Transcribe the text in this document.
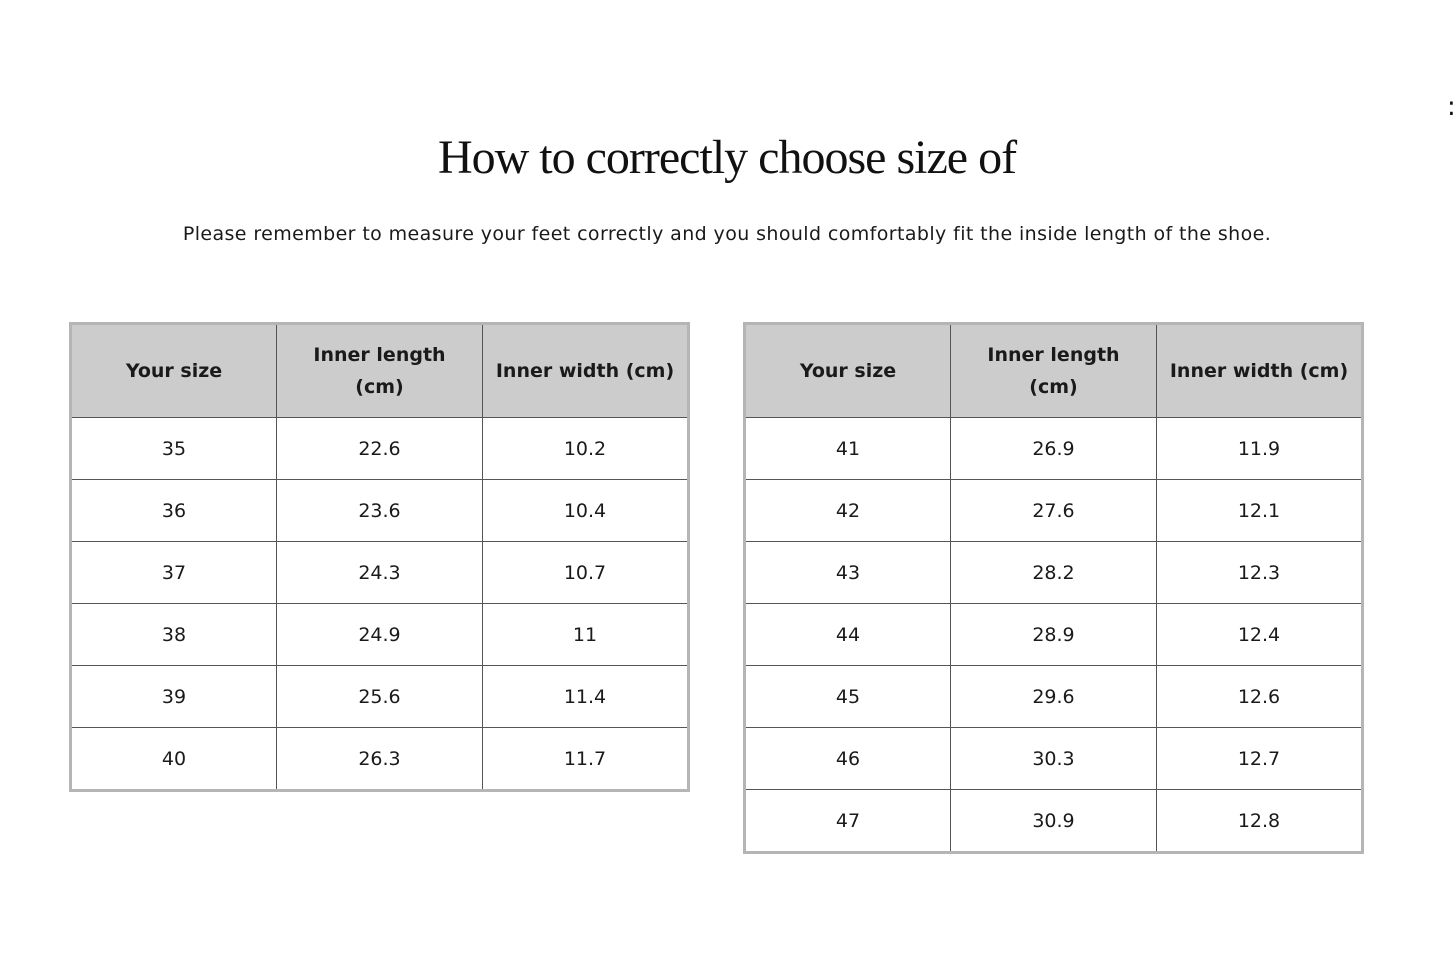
How to correctly choose size of

Please remember to measure your feet correctly and you should comfortably fit the inside length of the shoe.

:
Your size	Inner length (cm)	Inner width (cm)
35	22.6	10.2
36	23.6	10.4
37	24.3	10.7
38	24.9	11
39	25.6	11.4
40	26.3	11.7
Your size	Inner length (cm)	Inner width (cm)
41	26.9	11.9
42	27.6	12.1
43	28.2	12.3
44	28.9	12.4
45	29.6	12.6
46	30.3	12.7
47	30.9	12.8
